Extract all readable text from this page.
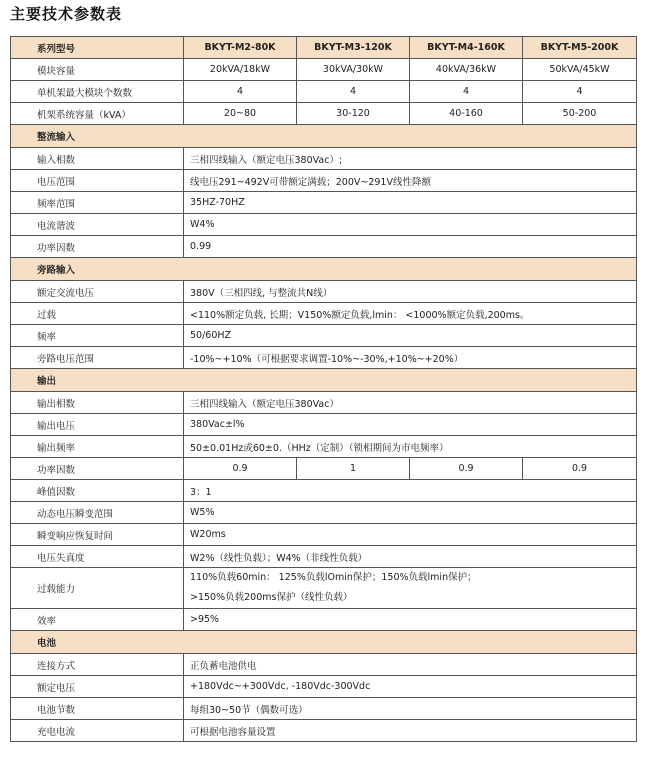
主要技术参数表
系列型号	BKYT-M2-80K	BKYT-M3-120K	BKYT-M4-160K	BKYT-M5-200K
模块容量	20kVA/18kW	30kVA/30kW	40kVA/36kW	50kVA/45kW
单机架最大模块个数数	4	4	4	4
机架系统容量（kVA）	20~80	30-120	40-160	50-200
整流输入				
输入相数	三相四线输入（额定电压380Vac）;			
电压范围	线电压291~492V可带额定满载；200V~291V线性降额			
频率范围	35HZ-70HZ			
电流谐波	W4%			
功率因数	0.99			
旁路输入				
额定交流电压	380V（三相四线, 与整流共N线）			
过载	<110%额定负载, 长期；V150%额定负载,lmin： <1000%额定负载,200ms。			
频率	50/60HZ			
旁路电压范围	-10%~+10%（可根据要求调置-10%~-30%,+10%~+20%）			
输出				
输出相数	三相四线输入（额定电压380Vac）			
输出电压	380Vac±l%			
输出频率	50±0.01Hz或60±0.（HHz（定制）（锁相期间为市电频率）			
功率因数	0.9	1	0.9	0.9
峰值因数	3：1			
动态电压瞬变范围	W5%			
瞬变响应恢复时间	W20ms			
电压失真度	W2%（线性负载）；W4%（非线性负载）			
过载能力	110%负载60min： 125%负载lOmin保护；150%负载lmin保护；
>150%负载200ms保护（线性负载）			

效率	>95%			
电池				
连接方式	正负蓄电池供电			
额定电压	+180Vdc~+300Vdc, -180Vdc-300Vdc			
电池节数	每组30~50节（偶数可选）			
充电电流	可根据电池容量设置			
